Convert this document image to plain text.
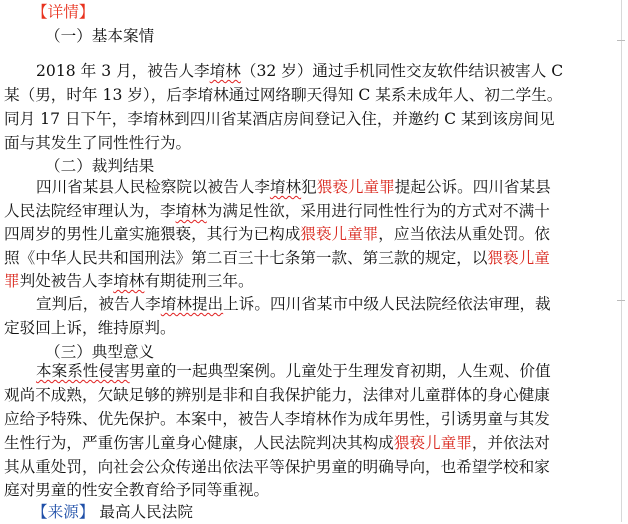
【详情】
（一）基本案情
2018 年 3 月，被告人李堉林（32 岁）通过手机同性交友软件结识被害人 C
某（男，时年 13 岁），后李堉林通过网络聊天得知 C 某系未成年人、初二学生。
同月 17 日下午，李堉林到四川省某酒店房间登记入住，并邀约 C 某到该房间见
面与其发生了同性性行为。
（二）裁判结果
四川省某县人民检察院以被告人李堉林犯猥亵儿童罪提起公诉。四川省某县
人民法院经审理认为，李堉林为满足性欲，采用进行同性性行为的方式对不满十
四周岁的男性儿童实施猥亵，其行为已构成猥亵儿童罪，应当依法从重处罚。依
照《中华人民共和国刑法》第二百三十七条第一款、第三款的规定，以猥亵儿童
罪判处被告人李堉林有期徒刑三年。
宣判后，被告人李堉林提出上诉。四川省某市中级人民法院经依法审理，裁
定驳回上诉，维持原判。
（三）典型意义
本案系性侵害男童的一起典型案例。儿童处于生理发育初期，人生观、价值
观尚不成熟，欠缺足够的辨别是非和自我保护能力，法律对儿童群体的身心健康
应给予特殊、优先保护。本案中，被告人李堉林作为成年男性，引诱男童与其发
生性行为，严重伤害儿童身心健康，人民法院判决其构成猥亵儿童罪，并依法对
其从重处罚，向社会公众传递出依法平等保护男童的明确导向，也希望学校和家
庭对男童的性安全教育给予同等重视。
【来源】 最高人民法院
